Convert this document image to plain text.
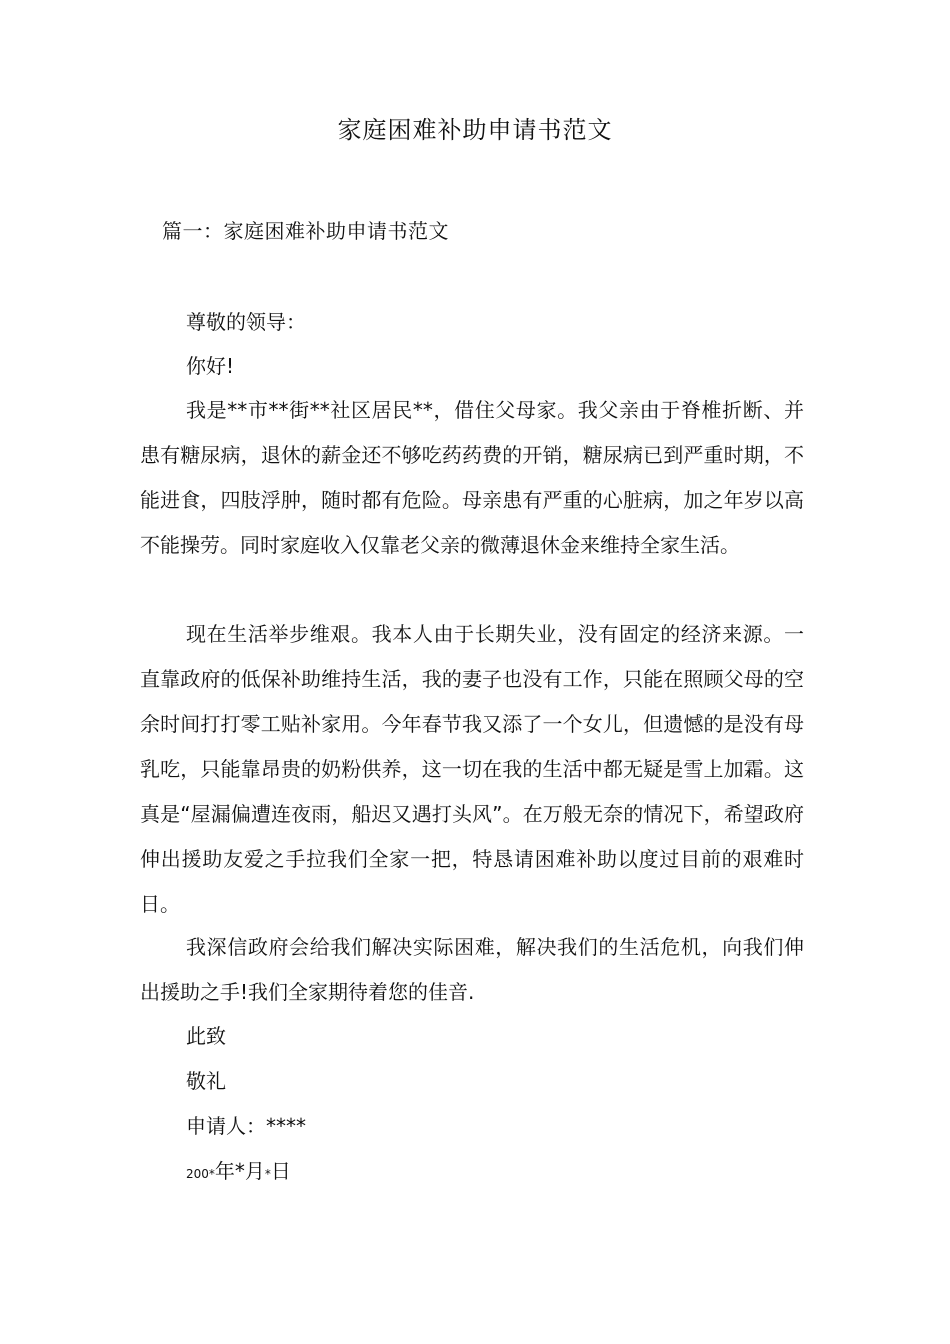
家庭困难补助申请书范文
篇一：家庭困难补助申请书范文
尊敬的领导：
你好!

我是**市**街**社区居民**，借住父母家。我父亲由于脊椎折断、并患有糖尿病，退休的薪金还不够吃药药费的开销，糖尿病已到严重时期，不能进食，四肢浮肿，随时都有危险。母亲患有严重的心脏病，加之年岁以高不能操劳。同时家庭收入仅靠老父亲的微薄退休金来维持全家生活。

现在生活举步维艰。我本人由于长期失业，没有固定的经济来源。一直靠政府的低保补助维持生活，我的妻子也没有工作，只能在照顾父母的空余时间打打零工贴补家用。今年春节我又添了一个女儿，但遗憾的是没有母乳吃，只能靠昂贵的奶粉供养，这一切在我的生活中都无疑是雪上加霜。这真是“屋漏偏遭连夜雨，船迟又遇打头风”。在万般无奈的情况下，希望政府伸出援助友爱之手拉我们全家一把，特恳请困难补助以度过目前的艰难时日。

我深信政府会给我们解决实际困难，解决我们的生活危机，向我们伸出援助之手!我们全家期待着您的佳音.

此致
敬礼
申请人：****
200*年*月*日
